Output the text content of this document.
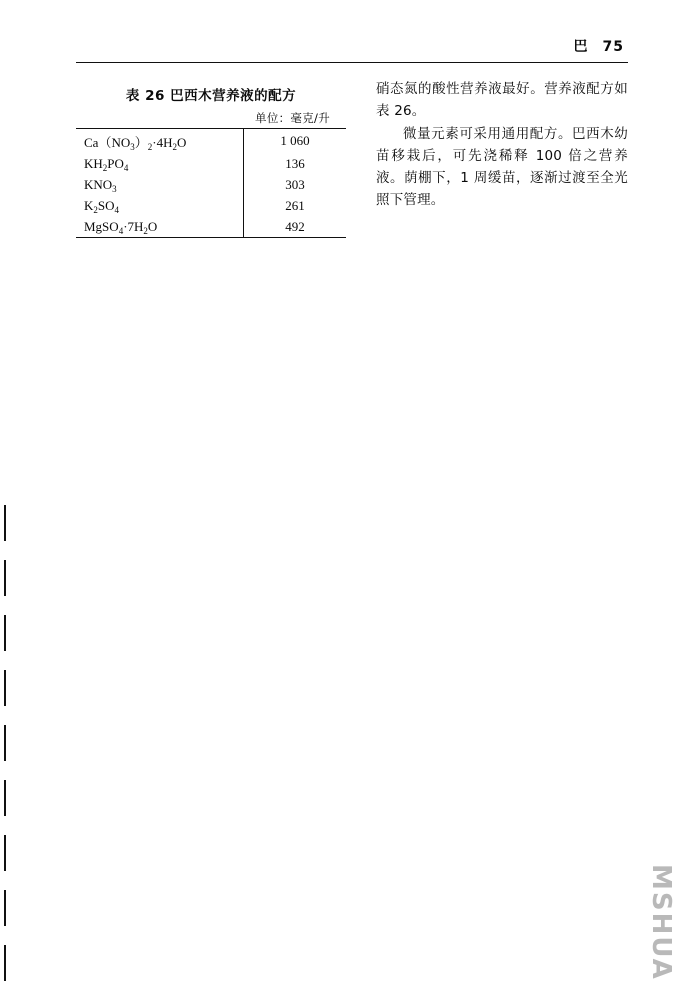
巴 75
表 26 巴西木营养液的配方
单位：毫克/升
$Ca(NO_3)_2\cdot 4H_2O$	1 060
$KH_2PO_4$	136
$KNO_3$	303
$K_2SO_4$	261
$MgSO_4\cdot 7H_2O$	492

硝态氮的酸性营养液最好。营养液配方如表 26。

微量元素可采用通用配方。巴西木幼苗移栽后，可先浇稀释 100 倍之营养液。荫棚下，1 周缓苗，逐渐过渡至全光照下管理。

MSHUA
